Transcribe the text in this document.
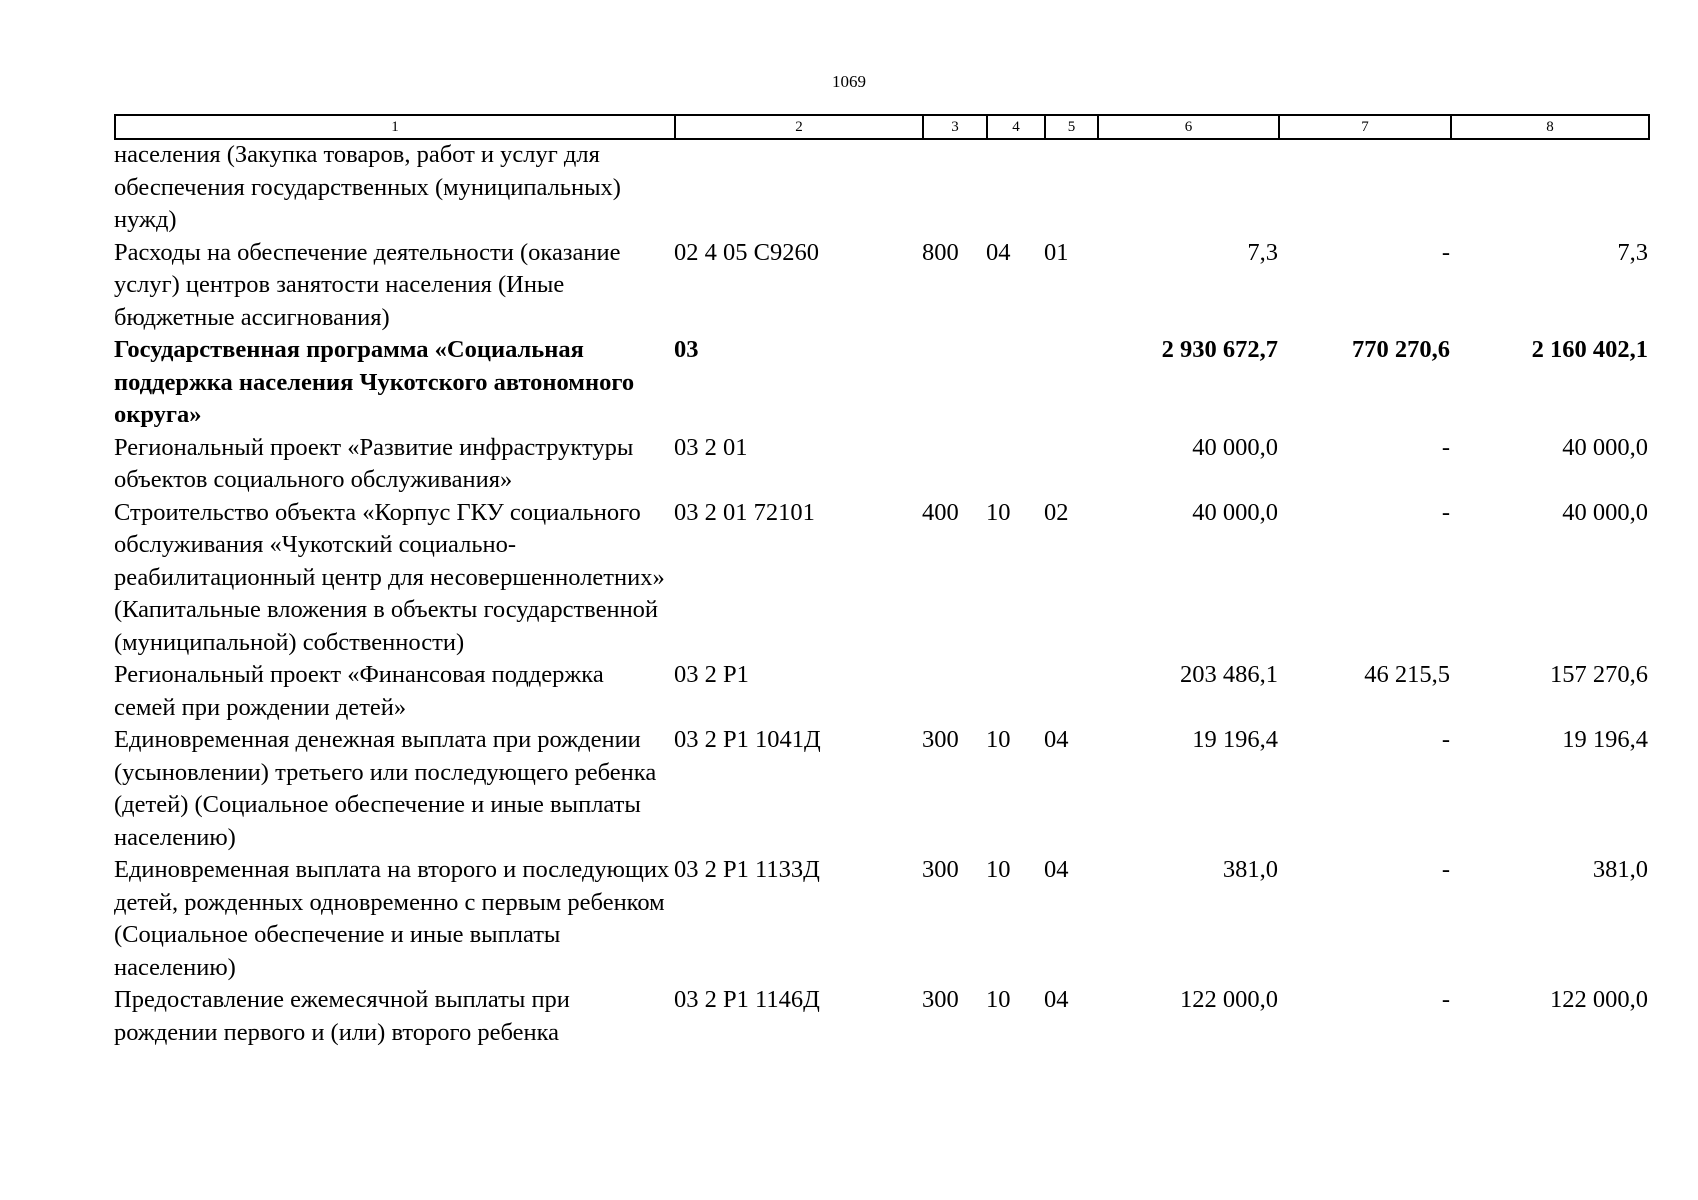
1069
1	2	3	4	5	6	7	8
населения (Закупка товаров, работ и услуг для обеспечения государственных (муниципальных) нужд)							
Расходы на обеспечение деятельности (оказание услуг) центров занятости населения (Иные бюджетные ассигнования)	02 4 05 С9260	800	04	01	7,3	-	7,3
Государственная программа «Социальная поддержка населения Чукотского автономного округа»	03				2 930 672,7	770 270,6	2 160 402,1
Региональный проект «Развитие инфраструктуры объектов социального обслуживания»	03 2 01				40 000,0	-	40 000,0
Строительство объекта «Корпус ГКУ социального обслуживания «Чукотский социально-реабилитационный центр для несовершеннолетних» (Капитальные вложения в объекты государственной (муниципальной) собственности)	03 2 01 72101	400	10	02	40 000,0	-	40 000,0
Региональный проект «Финансовая поддержка семей при рождении детей»	03 2 Р1				203 486,1	46 215,5	157 270,6
Единовременная денежная выплата при рождении (усыновлении) третьего или последующего ребенка (детей) (Социальное обеспечение и иные выплаты населению)	03 2 Р1 1041Д	300	10	04	19 196,4	-	19 196,4
Единовременная выплата на второго и последующих детей, рожденных одновременно с первым ребенком (Социальное обеспечение и иные выплаты населению)	03 2 Р1 1133Д	300	10	04	381,0	-	381,0
Предоставление ежемесячной выплаты при рождении первого и (или) второго ребенка	03 2 Р1 1146Д	300	10	04	122 000,0	-	122 000,0
